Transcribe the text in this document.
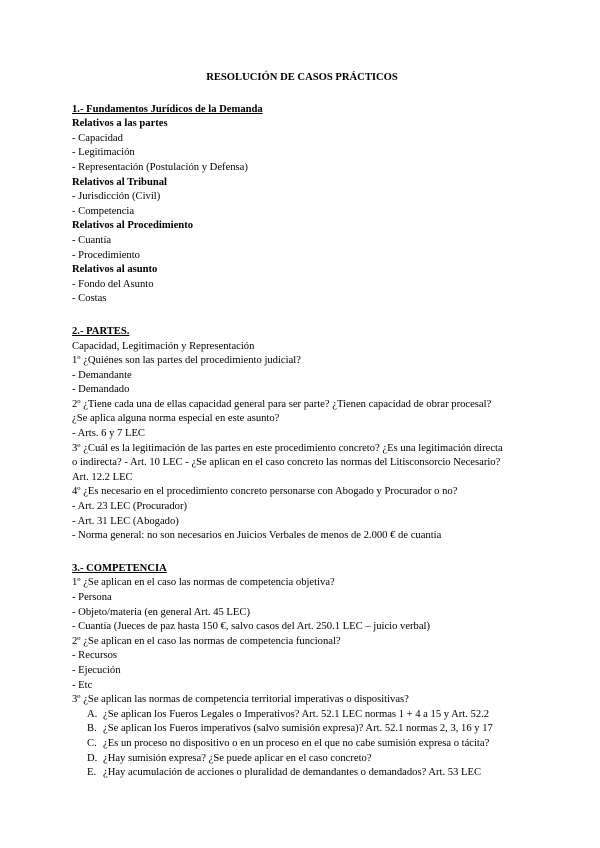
RESOLUCIÓN DE CASOS PRÁCTICOS
1.- Fundamentos Jurídicos de la Demanda
Relativos a las partes
- Capacidad
- Legitimación
- Representación (Postulación y Defensa)
Relativos al Tribunal
- Jurisdicción (Civil)
- Competencia
Relativos al Procedimiento
- Cuantía
- Procedimiento
Relativos al asunto
- Fondo del Asunto
- Costas
2.- PARTES.
Capacidad, Legitimación y Representación
1º ¿Quiénes son las partes del procedimiento judicial?
- Demandante
- Demandado
2º ¿Tiene cada una de ellas capacidad general para ser parte? ¿Tienen capacidad de obrar procesal?
¿Se aplica alguna norma especial en este asunto?
- Arts. 6 y 7 LEC
3º ¿Cuál es la legitimación de las partes en este procedimiento concreto? ¿Es una legitimación directa
o indirecta? - Art. 10 LEC - ¿Se aplican en el caso concreto las normas del Litisconsorcio Necesario?
Art. 12.2 LEC
4º ¿Es necesario en el procedimiento concreto personarse con Abogado y Procurador o no?
- Art. 23 LEC (Procurador)
- Art. 31 LEC (Abogado)
- Norma general: no son necesarios en Juicios Verbales de menos de 2.000 € de cuantía
3.- COMPETENCIA
1º ¿Se aplican en el caso las normas de competencia objetiva?
- Persona
- Objeto/materia (en general Art. 45 LEC)
- Cuantía (Jueces de paz hasta 150 €, salvo casos del Art. 250.1 LEC – juicio verbal)
2º ¿Se aplican en el caso las normas de competencia funcional?
- Recursos
- Ejecución
- Etc
3º ¿Se aplican las normas de competencia territorial imperativas o dispositivas?
A. ¿Se aplican los Fueros Legales o Imperativos? Art. 52.1 LEC normas 1 + 4 a 15 y Art. 52.2
B. ¿Se aplican los Fueros imperativos (salvo sumisión expresa)? Art. 52.1 normas 2, 3, 16 y 17
C. ¿Es un proceso no dispositivo o en un proceso en el que no cabe sumisión expresa o tácita?
D. ¿Hay sumisión expresa? ¿Se puede aplicar en el caso concreto?
E. ¿Hay acumulación de acciones o pluralidad de demandantes o demandados? Art. 53 LEC
